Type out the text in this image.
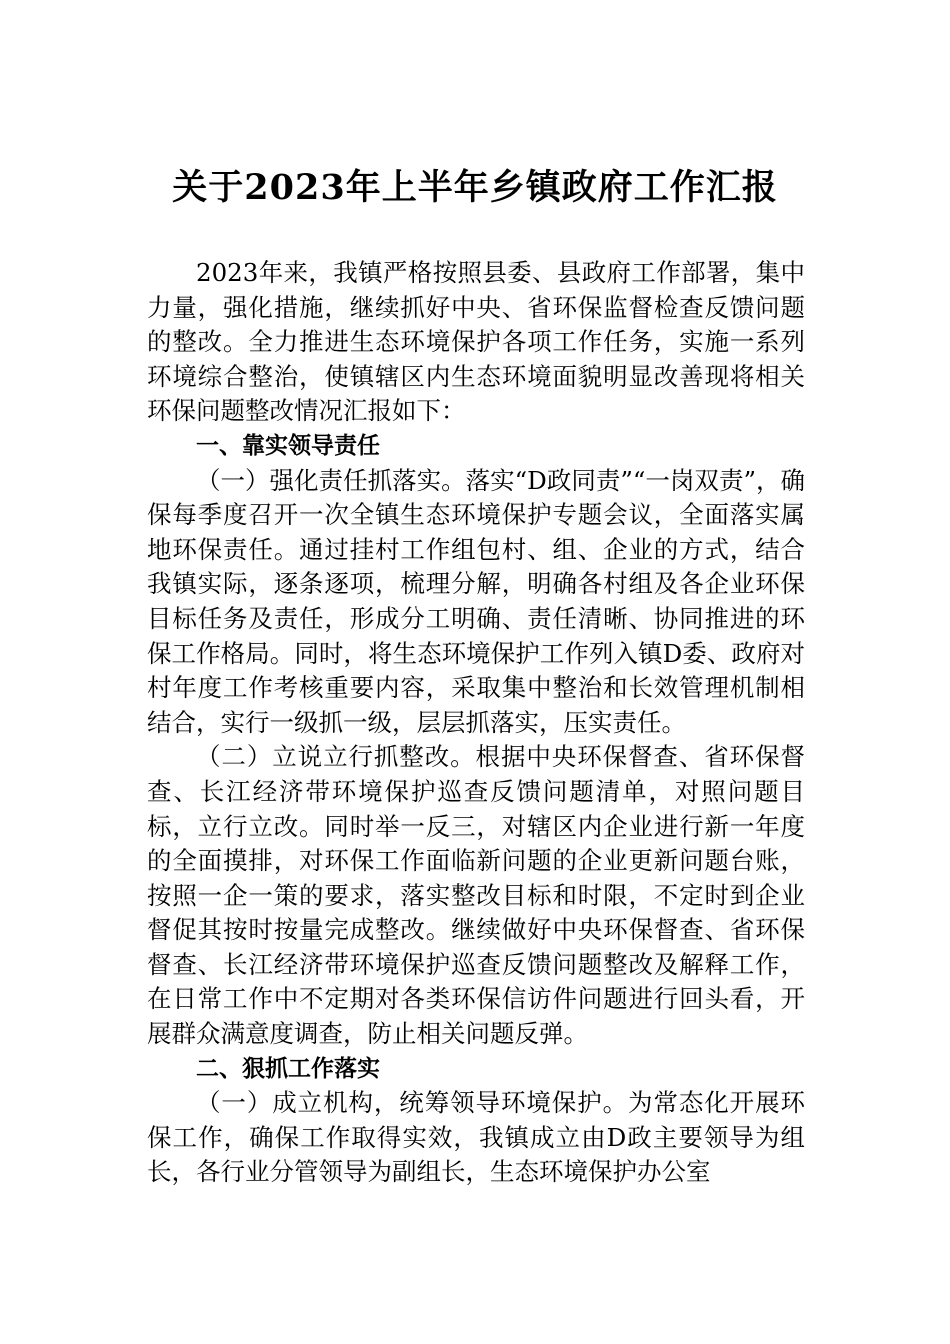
关于2023年上半年乡镇政府工作汇报

2023年来，我镇严格按照县委、县政府工作部署，集中力量，强化措施，继续抓好中央、省环保监督检查反馈问题的整改。全力推进生态环境保护各项工作任务，实施一系列环境综合整治，使镇辖区内生态环境面貌明显改善现将相关环保问题整改情况汇报如下：

一、靠实领导责任

（一）强化责任抓落实。落实“D政同责”“一岗双责”，确保每季度召开一次全镇生态环境保护专题会议，全面落实属地环保责任。通过挂村工作组包村、组、企业的方式，结合我镇实际，逐条逐项，梳理分解，明确各村组及各企业环保目标任务及责任，形成分工明确、责任清晰、协同推进的环保工作格局。同时，将生态环境保护工作列入镇D委、政府对村年度工作考核重要内容，采取集中整治和长效管理机制相结合，实行一级抓一级，层层抓落实，压实责任。

（二）立说立行抓整改。根据中央环保督查、省环保督查、长江经济带环境保护巡查反馈问题清单，对照问题目标，立行立改。同时举一反三，对辖区内企业进行新一年度的全面摸排，对环保工作面临新问题的企业更新问题台账，按照一企一策的要求，落实整改目标和时限，不定时到企业督促其按时按量完成整改。继续做好中央环保督查、省环保督查、长江经济带环境保护巡查反馈问题整改及解释工作，在日常工作中不定期对各类环保信访件问题进行回头看，开展群众满意度调查，防止相关问题反弹。

二、狠抓工作落实

（一）成立机构，统筹领导环境保护。为常态化开展环保工作，确保工作取得实效，我镇成立由D政主要领导为组长，各行业分管领导为副组长，生态环境保护办公室
